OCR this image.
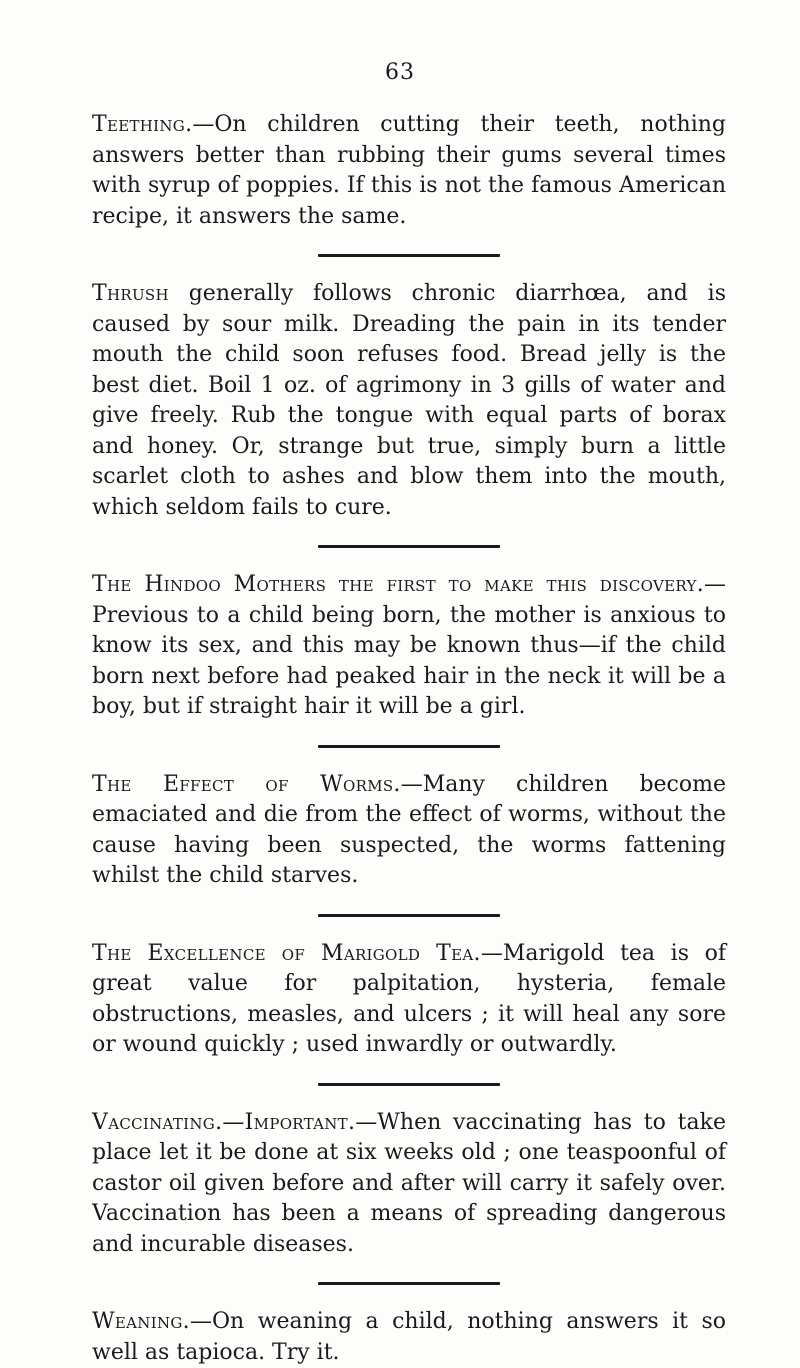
63

Teething.—On children cutting their teeth, nothing answers better than rubbing their gums several times with syrup of poppies. If this is not the famous American recipe, it answers the same.

Thrush generally follows chronic diarrhœa, and is caused by sour milk. Dreading the pain in its tender mouth the child soon refuses food. Bread jelly is the best diet. Boil 1 oz. of agrimony in 3 gills of water and give freely. Rub the tongue with equal parts of borax and honey. Or, strange but true, simply burn a little scarlet cloth to ashes and blow them into the mouth, which seldom fails to cure.

The Hindoo Mothers the first to make this discovery.— Previous to a child being born, the mother is anxious to know its sex, and this may be known thus—if the child born next before had peaked hair in the neck it will be a boy, but if straight hair it will be a girl.

The Effect of Worms.—Many children become emaciated and die from the effect of worms, without the cause having been suspected, the worms fattening whilst the child starves.

The Excellence of Marigold Tea.—Marigold tea is of great value for palpitation, hysteria, female obstructions, measles, and ulcers ; it will heal any sore or wound quickly ; used inwardly or outwardly.

Vaccinating.—Important.—When vaccinating has to take place let it be done at six weeks old ; one teaspoonful of castor oil given before and after will carry it safely over. Vaccination has been a means of spreading dangerous and incurable diseases.

Weaning.—On weaning a child, nothing answers it so well as tapioca. Try it.
